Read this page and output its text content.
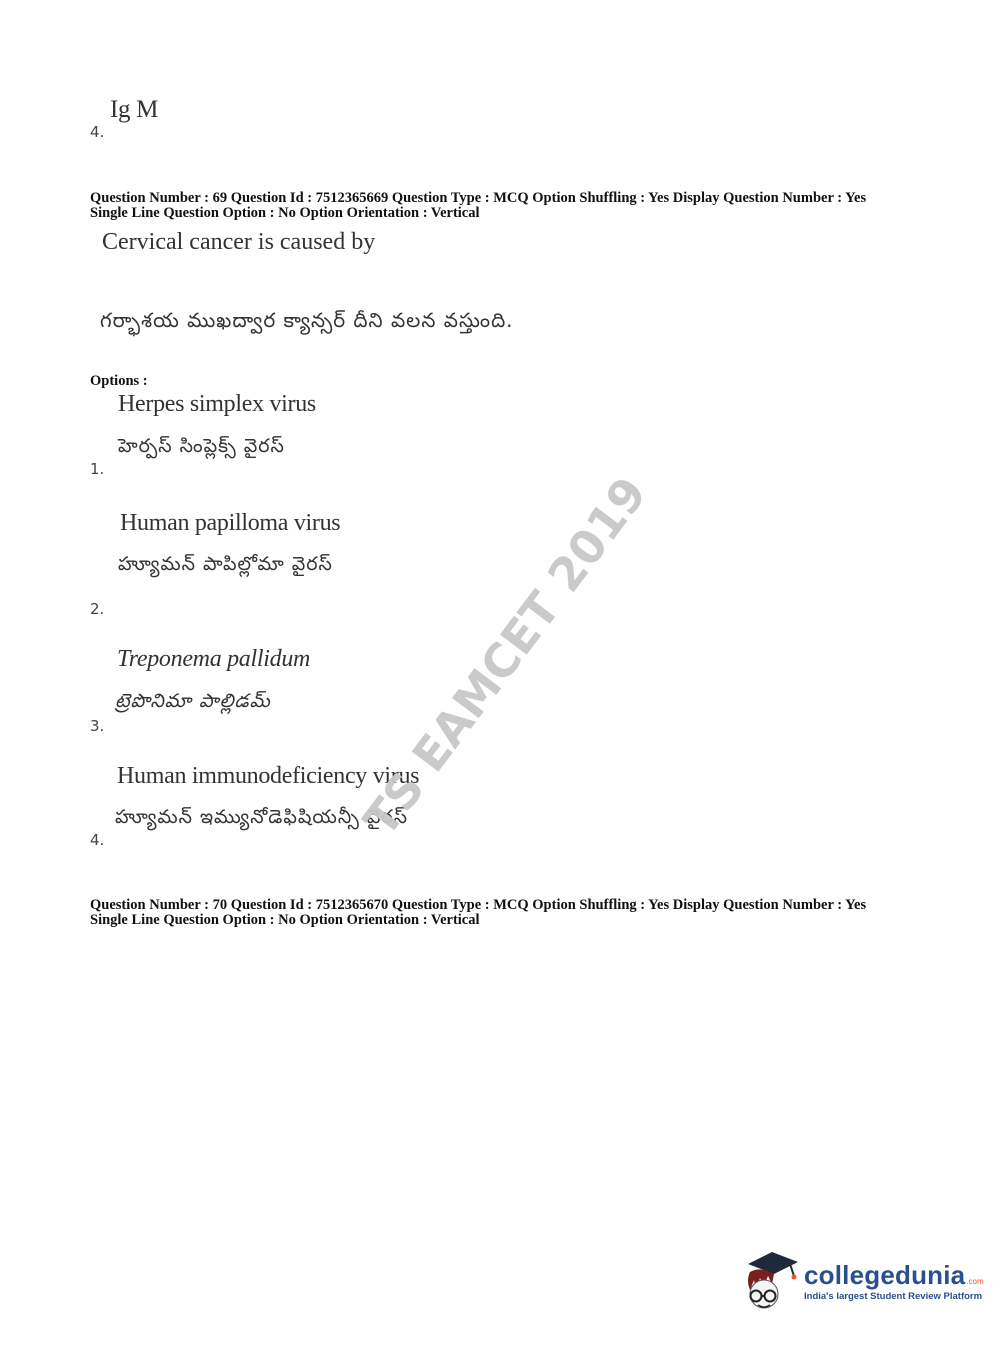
Ig M
4.
Question Number : 69 Question Id : 7512365669 Question Type : MCQ Option Shuffling : Yes Display Question Number : Yes
Single Line Question Option : No Option Orientation : Vertical
Cervical cancer is caused by
గర్భాశయ ముఖద్వార క్యాన్సర్ దీని వలన వస్తుంది.
Options :
Herpes simplex virus
హెర్పస్ సింప్లెక్స్ వైరస్
1.
Human papilloma virus
హ్యూమన్ పాపిల్లోమా వైరస్
2.
Treponema pallidum
ట్రెపొనిమా పాల్లిడమ్
3.
Human immunodeficiency virus
హ్యూమన్ ఇమ్యునోడెఫిషియన్సీ వైరస్
4.
Question Number : 70 Question Id : 7512365670 Question Type : MCQ Option Shuffling : Yes Display Question Number : Yes
Single Line Question Option : No Option Orientation : Vertical
TS EAMCET 2019
collegedunia .com
India's largest Student Review Platform
